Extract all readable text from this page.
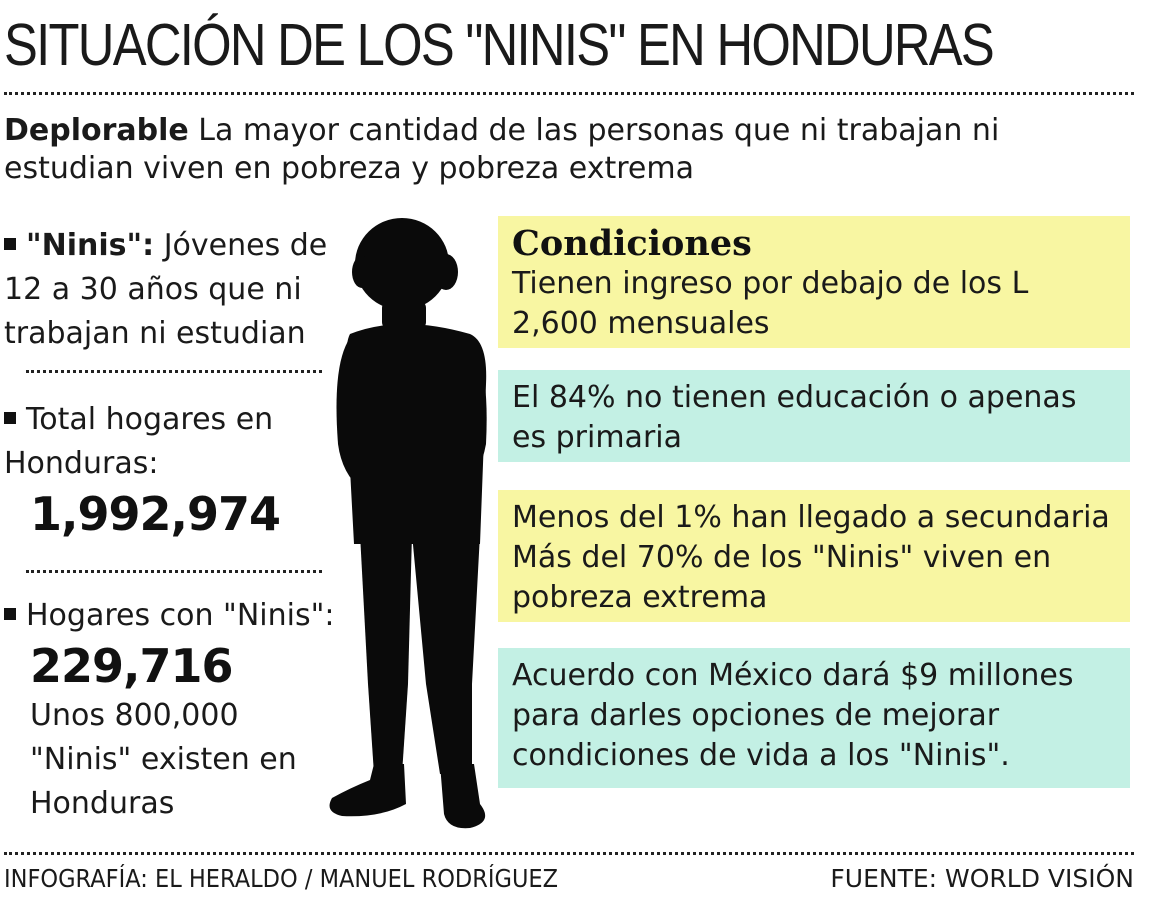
SITUACIÓN DE LOS "NINIS" EN HONDURAS
Deplorable La mayor cantidad de las personas que ni trabajan ni estudian viven en pobreza y pobreza extrema
"Ninis": Jóvenes de 12 a 30 años que ni trabajan ni estudian
Total hogares en Honduras:
1,992,974
Hogares con "Ninis":
229,716
Unos 800,000 "Ninis" existen en Honduras
Condiciones
Tienen ingreso por debajo de los L 2,600 mensuales
El 84% no tienen educación o apenas es primaria
Menos del 1% han llegado a secundaria
Más del 70% de los "Ninis" viven en pobreza extrema
Acuerdo con México dará $9 millones para darles opciones de mejorar condiciones de vida a los "Ninis".
INFOGRAFÍA: EL HERALDO / MANUEL RODRÍGUEZ	FUENTE: WORLD VISIÓN
